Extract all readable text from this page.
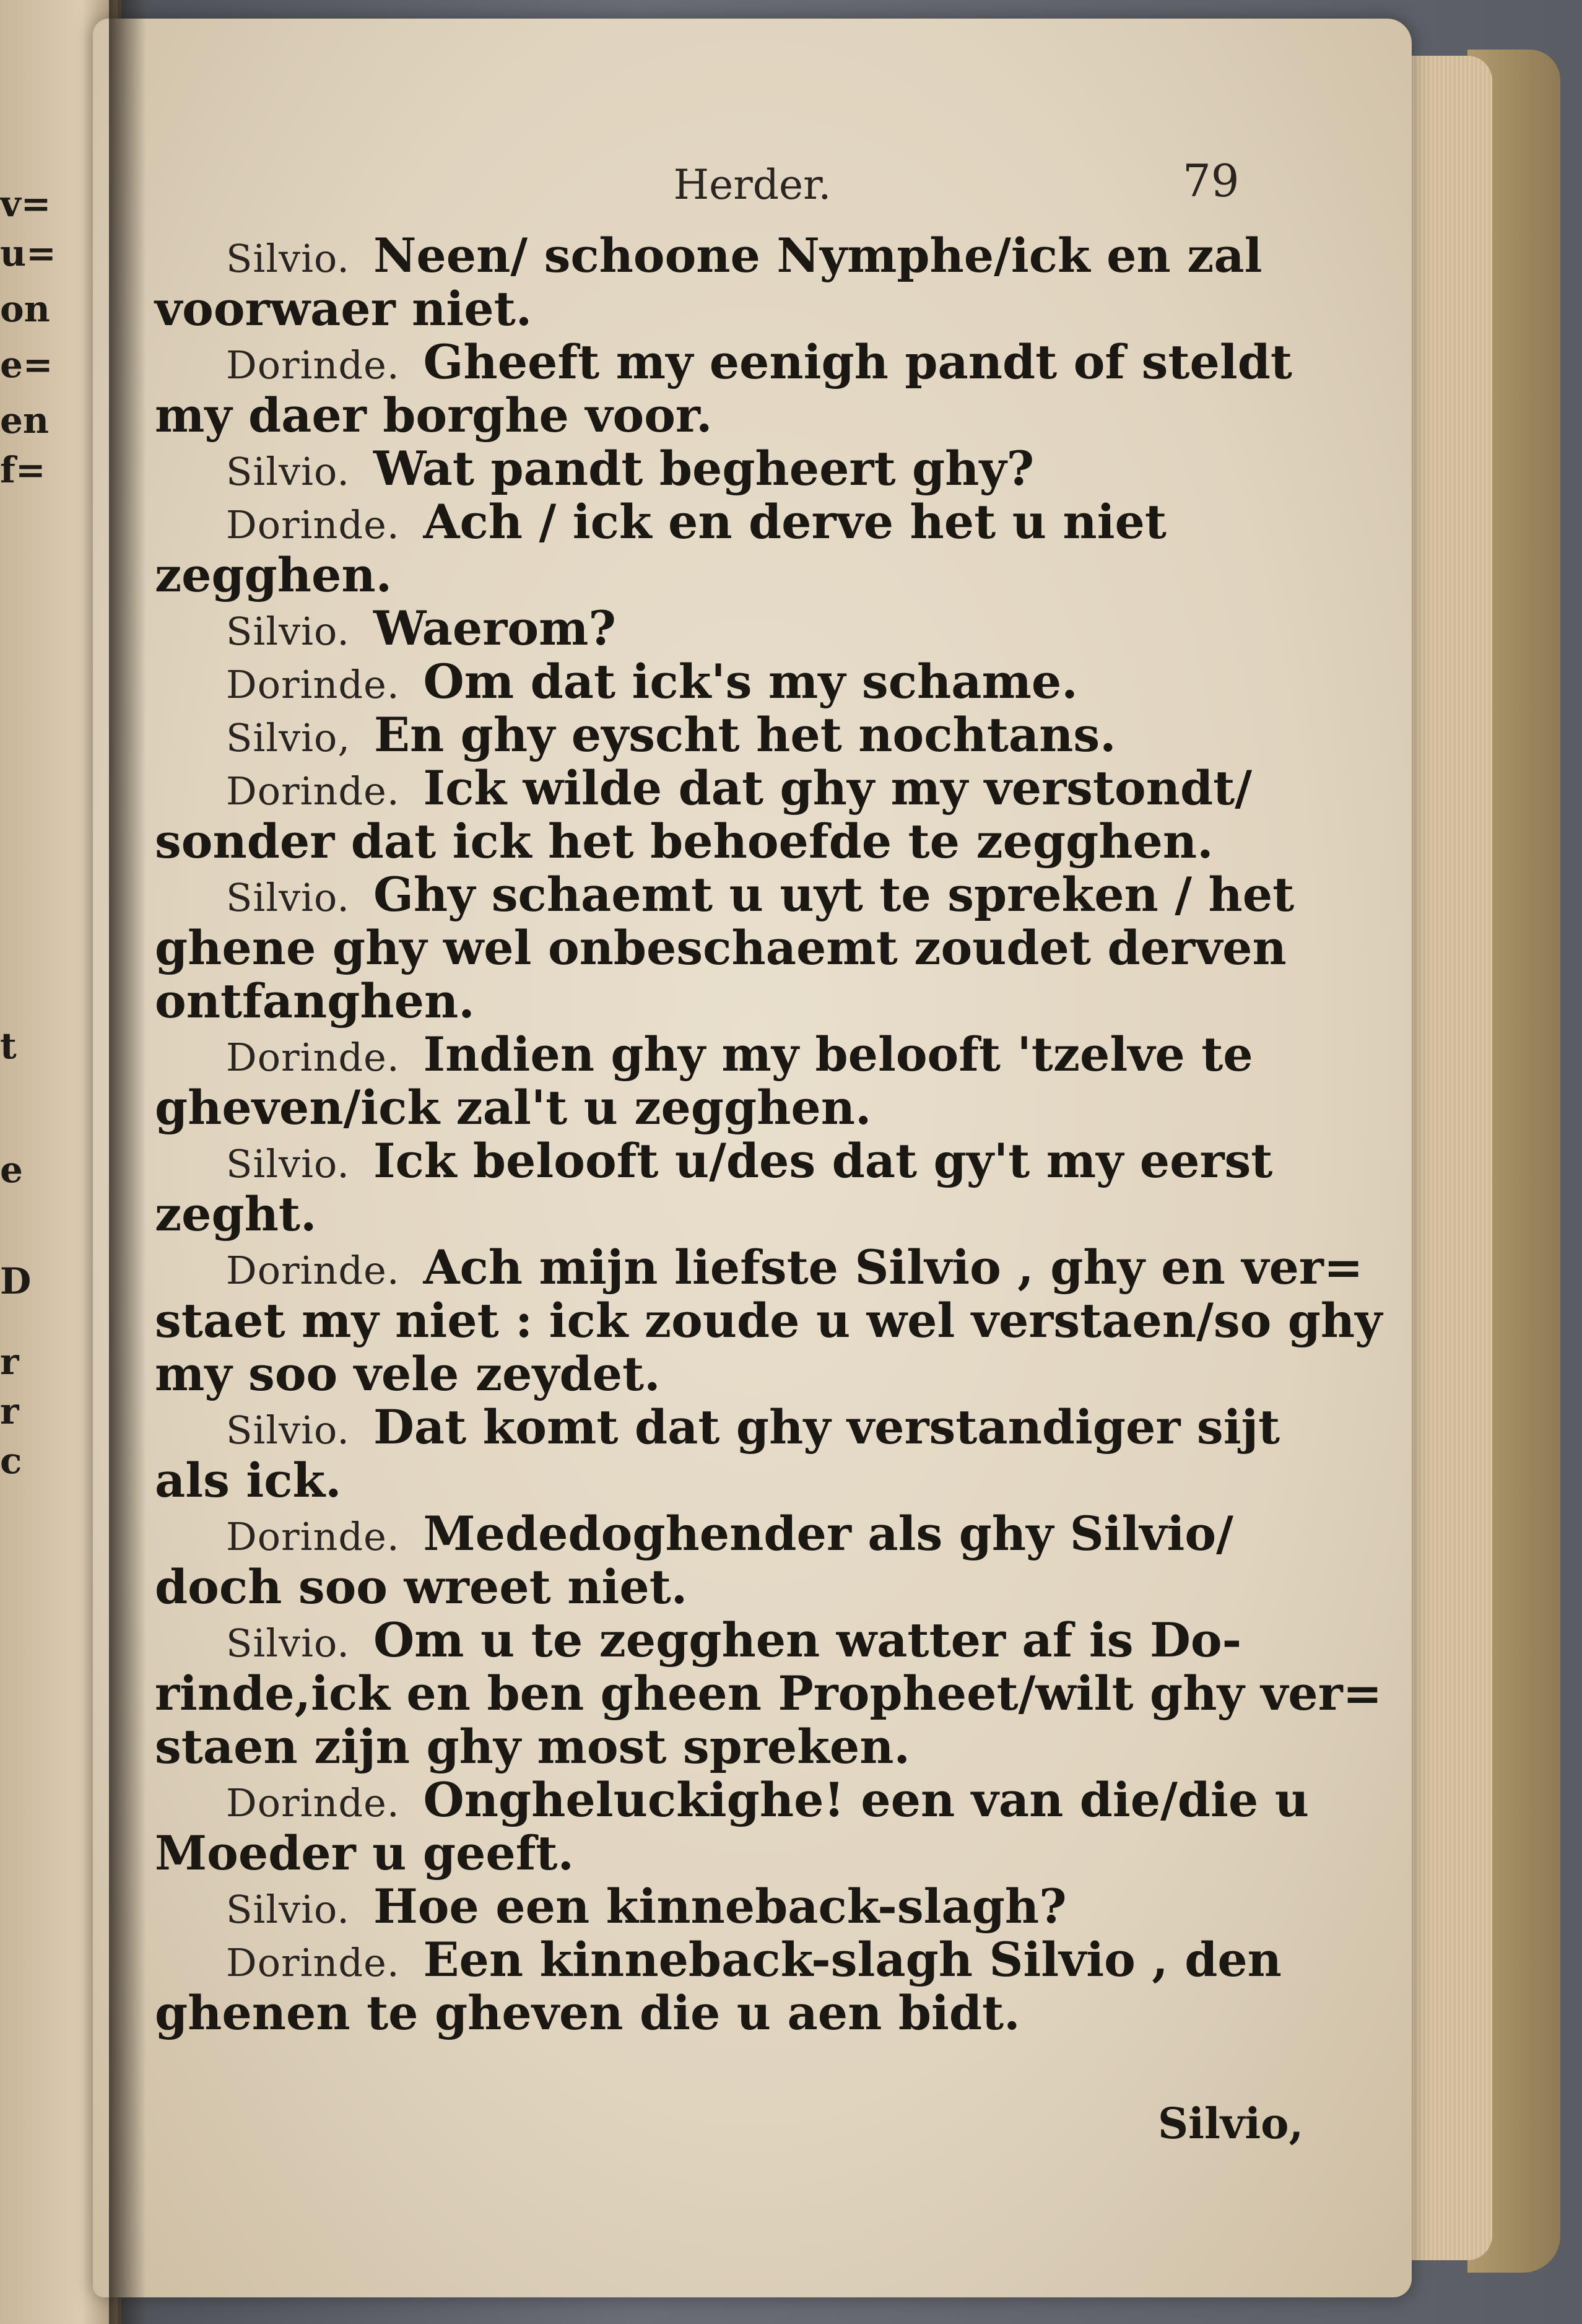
v=
u=
on
e=
en
f=
t
e
D
r
r
c
Herder.	79
Silvio. Neen/ schoone Nymphe/ick en zal
voorwaer niet.
Dorinde. Gheeft my eenigh pandt of steldt
my daer borghe voor.
Silvio. Wat pandt begheert ghy?
Dorinde. Ach / ick en derve het u niet
zegghen.
Silvio. Waerom?
Dorinde. Om dat ick's my schame.
Silvio, En ghy eyscht het nochtans.
Dorinde. Ick wilde dat ghy my verstondt/
sonder dat ick het behoefde te zegghen.
Silvio. Ghy schaemt u uyt te spreken / het
ghene ghy wel onbeschaemt zoudet derven
ontfanghen.
Dorinde. Indien ghy my belooft 'tzelve te
gheven/ick zal't u zegghen.
Silvio. Ick belooft u/des dat gy't my eerst
zeght.
Dorinde. Ach mijn liefste Silvio , ghy en ver=
staet my niet : ick zoude u wel verstaen/so ghy
my soo vele zeydet.
Silvio. Dat komt dat ghy verstandiger sijt
als ick.
Dorinde. Mededoghender als ghy Silvio/
doch soo wreet niet.
Silvio. Om u te zegghen watter af is Do-
rinde,ick en ben gheen Propheet/wilt ghy ver=
staen zijn ghy most spreken.
Dorinde. Ongheluckighe! een van die/die u
Moeder u geeft.
Silvio. Hoe een kinneback-slagh?
Dorinde. Een kinneback-slagh Silvio , den
ghenen te gheven die u aen bidt.
Silvio,
